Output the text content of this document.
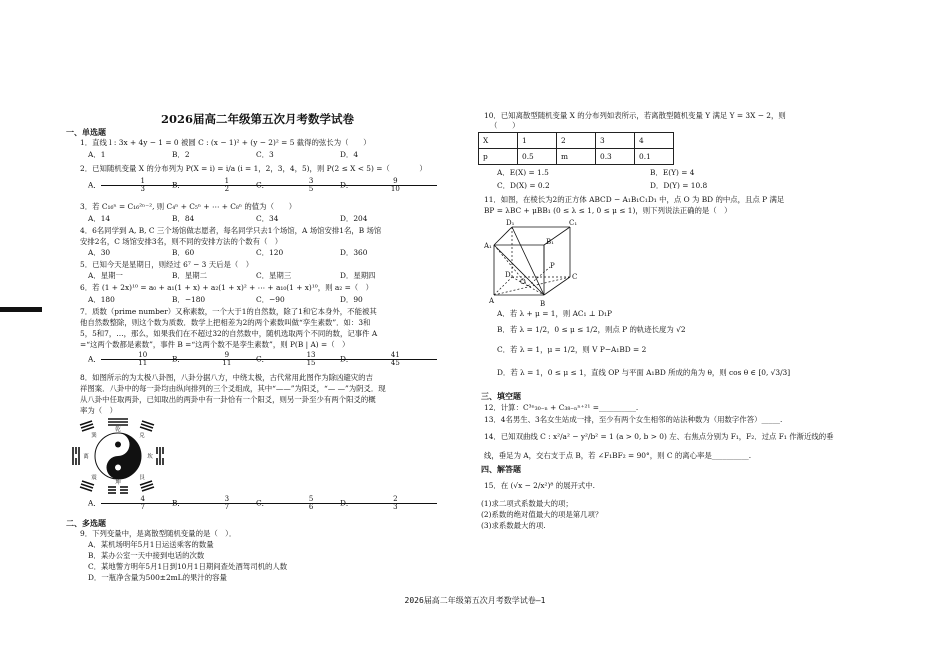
2026届高二年级第五次月考数学试卷
一、单选题
1．直线 l : 3x + 4y − 1 = 0 被圆 C : (x − 1)² + (y − 2)² = 5 截得的弦长为（　　）
A．1	B．2	C．3	D．4
2．已知随机变量 X 的分布列为 P(X = i) = i/a (i = 1，2，3，4，5)，则 P(2 ≤ X < 5) =（　　　　）
A． $\frac{1}{3}$
B． $\frac{1}{2}$
C． $\frac{3}{5}$
D． $\frac{9}{10}$
3．若 C₁₆ⁿ = C₁₆²ⁿ⁻², 则 C₄ⁿ + C₅ⁿ + ⋯ + C₈ⁿ 的值为（　　）
A．14	B．84	C．34	D．204
4．6名同学到 A, B, C 三个场馆做志愿者，每名同学只去1个场馆，A 场馆安排1名，B 场馆
安排2名，C 场馆安排3名，则不同的安排方法的个数有（　）
A．30	B．60	C．120	D．360
5．已知今天是星期日，则经过 6⁷ − 3 天后是（　）
A．星期一	B．星期二	C．星期三	D．星期四
6．若 (1 + 2x)¹⁰ = a₀ + a₁(1 + x) + a₂(1 + x)² + ⋯ + a₁₀(1 + x)¹⁰，则 a₂ =（　）
A．180	B．−180	C．−90	D．90
7．质数（prime number）又称素数，一个大于1的自然数，除了1和它本身外，不能被其
他自然数整除，则这个数为质数．数学上把相差为2的两个素数叫做“孪生素数”．如：3和
5，5和7，…，那么，如果我们在不超过32的自然数中，随机选取两个不同的数，记事件 A
=“这两个数都是素数”，事件 B =“这两个数不是孪生素数”，则 P(B | A) =（　）
A． $\frac{10}{11}$
B． $\frac{9}{11}$
C． $\frac{13}{15}$
D． $\frac{41}{45}$
8．如图所示的为太极八卦图，八卦分据八方，中绕太极，古代常用此图作为除凶避灾的吉
祥图案．八卦中的每一卦均由纵向排列的三个爻组成，其中“——”为阳爻，“— —”为阴爻．现
从八卦中任取两卦，已知取出的两卦中有一卦恰有一个阳爻，则另一卦至少有两个阳爻的概
率为（　）
乾
坤
离	坎
震
巽
艮
兑
A． $\frac{4}{7}$
B． $\frac{3}{7}$
C． $\frac{5}{6}$
D． $\frac{2}{3}$
二、多选题
9．下列变量中，是离散型随机变量的是（　）．
A．某机场明年5月1日运送乘客的数量
B．某办公室一天中接到电话的次数
C．某地警方明年5月1日到10月1日期间查处酒驾司机的人数
D．一瓶净含量为500±2mL的果汁的容量
10．已知离散型随机变量 X 的分布列如表所示，若离散型随机变量 Y 满足 Y = 3X − 2，则
（　　）
X	1	2	3	4
p	0.5	m	0.3	0.1
A．E(X) = 1.5	B．E(Y) = 4
C．D(X) = 0.2	D．D(Y) = 10.8
11．如图，在棱长为2的正方体 ABCD − A₁B₁C₁D₁ 中，点 O 为 BD 的中点，且点 P 满足
BP = λBC + μBB₁ (0 ≤ λ ≤ 1, 0 ≤ μ ≤ 1)，则下列说法正确的是（　）
D₁	C₁
A₁	B₁
D	C
A	B
P
O
A．若 λ + μ = 1，则 AC₁ ⊥ D₁P
B．若 λ = 1/2，0 ≤ μ ≤ 1/2，则点 P 的轨迹长度为 √2
C．若 λ = 1，μ = 1/2，则 V P−A₁BD = 2
D．若 λ = 1，0 ≤ μ ≤ 1，直线 OP 与平面 A₁BD 所成的角为 θ，则 cos θ ∈ [0, √3/3]
三、填空题
12．计算：C³ⁿ₃₀₋ₙ + C₃₈₋ₙⁿ⁺²¹ =__________.
13．4名男生、3名女生站成一排，至少有两个女生相邻的站法种数为（用数字作答）_____.
14．已知双曲线 C : x²/a² − y²/b² = 1 (a > 0, b > 0) 左、右焦点分别为 F₁，F₂．过点 F₁ 作渐近线的垂
线，垂足为 A，交右支于点 B，若 ∠F₁BF₂ = 90°，则 C 的离心率是__________.
四、解答题
15．在 (√x − 2/x²)⁸ 的展开式中.
(1)求二项式系数最大的项；
(2)系数的绝对值最大的项是第几项？
(3)求系数最大的项.
2026届高二年级第五次月考数学试卷—1
